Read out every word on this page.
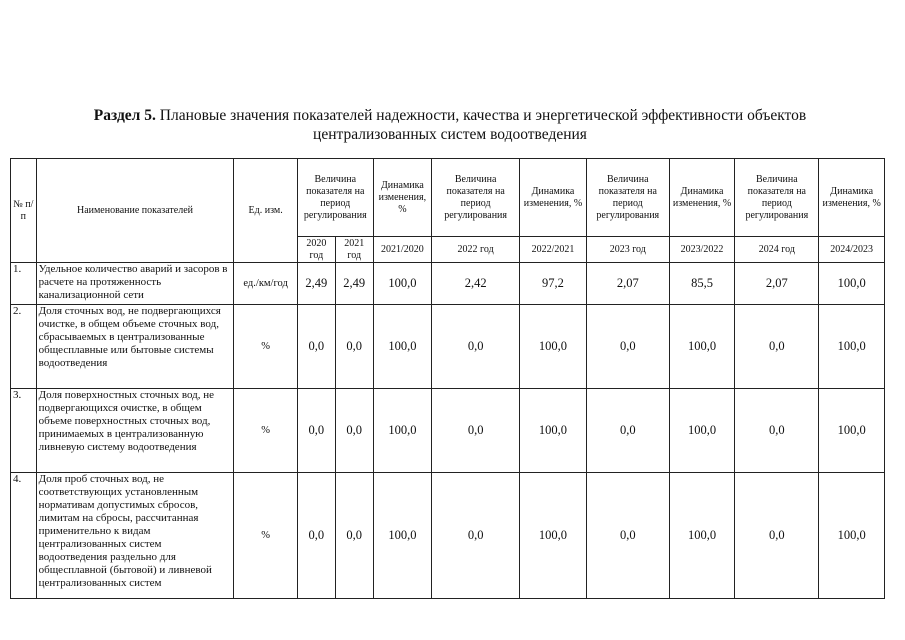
Раздел 5. Плановые значения показателей надежности, качества и энергетической эффективности объектов
централизованных систем водоотведения
№ п/п	Наименование показателей	Ед. изм.	Величина показателя на период регулирования		Динамика изменения, %	Величина показателя на период регулирования	Динамика изменения, %	Величина показателя на период регулирования	Динамика изменения, %	Величина показателя на период регулирования	Динамика изменения, %
			2020 год	2021 год	2021/2020	2022 год	2022/2021	2023 год	2023/2022	2024 год	2024/2023
1.	Удельное количество аварий и засоров в расчете на протяженность канализационной сети	ед./км/год	2,49	2,49	100,0	2,42	97,2	2,07	85,5	2,07	100,0
2.	Доля сточных вод, не подвергающихся очистке, в общем объеме сточных вод, сбрасываемых в централизованные общесплавные или бытовые системы водоотведения	%	0,0	0,0	100,0	0,0	100,0	0,0	100,0	0,0	100,0
3.	Доля поверхностных сточных вод, не подвергающихся очистке, в общем объеме поверхностных сточных вод, принимаемых в централизованную ливневую систему водоотведения	%	0,0	0,0	100,0	0,0	100,0	0,0	100,0	0,0	100,0
4.	Доля проб сточных вод, не соответствующих установленным нормативам допустимых сбросов, лимитам на сбросы, рассчитанная применительно к видам централизованных систем водоотведения раздельно для общесплавной (бытовой) и ливневой централизованных систем	%	0,0	0,0	100,0	0,0	100,0	0,0	100,0	0,0	100,0
